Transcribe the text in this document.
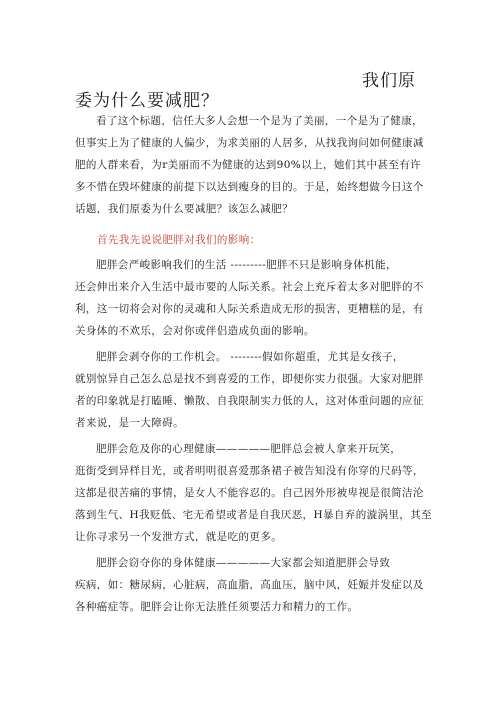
我们原
委为什么要减肥？
看了这个标题，信任大多人会想一个是为了美丽，一个是为了健康，
但事实上为了健康的人偏少，为求美丽的人居多，从找我询问如何健康减
肥的人群来看，为r美丽而不为健康的达到90%以上，她们其中甚至有许
多不惜在毁坏健康的前提下以达到瘦身的目的。于是，始终想做今日这个
话题，我们原委为什么要减肥？该怎么减肥？
首先我先说说肥胖对我们的影响：
肥胖会严峻影响我们的生活 ---------肥胖不只是影响身体机能，
还会伸出来介入生活中最市要的人际关系。社会上充斥着太多对肥胖的不
利，这一切将会对你的灵魂和人际关系造成无形的损害，更糟糕的是，有
关身体的不欢乐，会对你或伴侣造成负面的影响。
肥胖会剥夺你的工作机会。 --------假如你超重，尤其是女孩子，
就别惊异自己怎么总是找不到喜爱的工作，即便你实力很强。大家对肥胖
者的印象就是打瞌睡、懒散、自我限制实力低的人，这对体重问题的应征
者来说，是一大障碍。
肥胖会危及你的心理健康—————肥胖总会被人拿来开玩笑，
逛街受到异样目光，或者明明很喜爱那条裙子被告知没有你穿的尺码等，
这都是很苦痛的事情，是女人不能容忍的。自己因外形被卑视是很简洁沦
落到生气、H我贬低、宅无希望或者是自我厌恶，H暴自弃的漩涡里，其至
让你寻求另一个发泄方式，就是吃的更多。
肥胖会窃夺你的身体健康—————大家都会知道肥胖会导致
疾病，如：糖尿病，心脏病，高血脂，高血压，脑中风，妊娠并发症以及
各种癌症等。肥胖会让你无法胜任须要活力和精力的工作。
